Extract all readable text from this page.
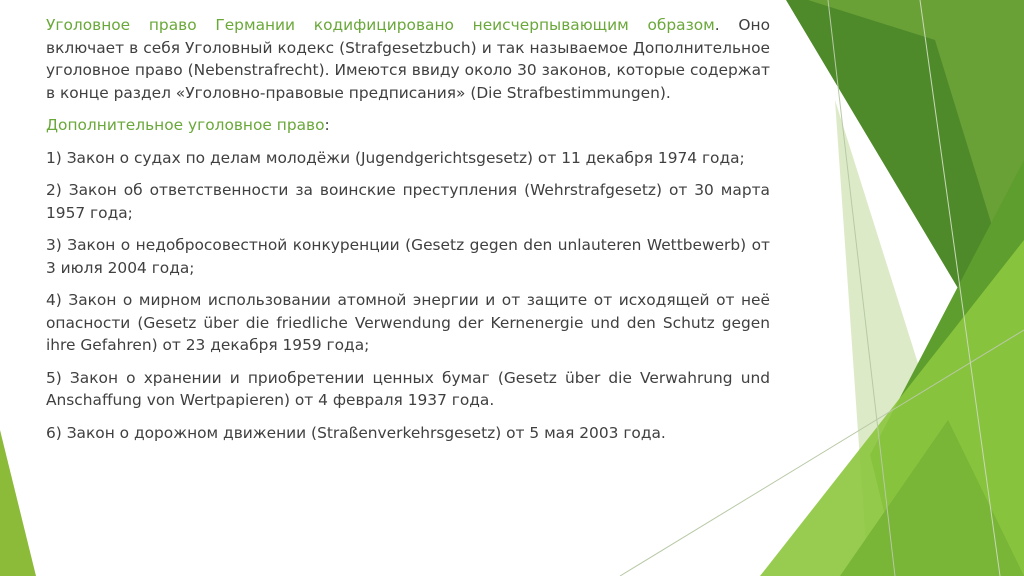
Уголовное право Германии кодифицировано неисчерпывающим образом. Оно включает в себя Уголовный кодекс (Strafgesetzbuch) и так называемое Дополнительное уголовное право (Nebenstrafrecht). Имеются ввиду около 30 законов, которые содержат в конце раздел «Уголовно-правовые предписания» (Die Strafbestimmungen).

Дополнительное уголовное право:

1) Закон о судах по делам молодёжи (Jugendgerichtsgesetz) от 11 декабря 1974 года;

2) Закон об ответственности за воинские преступления (Wehrstrafgesetz) от 30 марта 1957 года;

3) Закон о недобросовестной конкуренции (Gesetz gegen den unlauteren Wettbewerb) от 3 июля 2004 года;

4) Закон о мирном использовании атомной энергии и от защите от исходящей от неё опасности (Gesetz über die friedliche Verwendung der Kernenergie und den Schutz gegen ihre Gefahren) от 23 декабря 1959 года;

5) Закон о хранении и приобретении ценных бумаг (Gesetz über die Verwahrung und Anschaffung von Wertpapieren) от 4 февраля 1937 года.

6) Закон о дорожном движении (Straßenverkehrsgesetz) от 5 мая 2003 года.
